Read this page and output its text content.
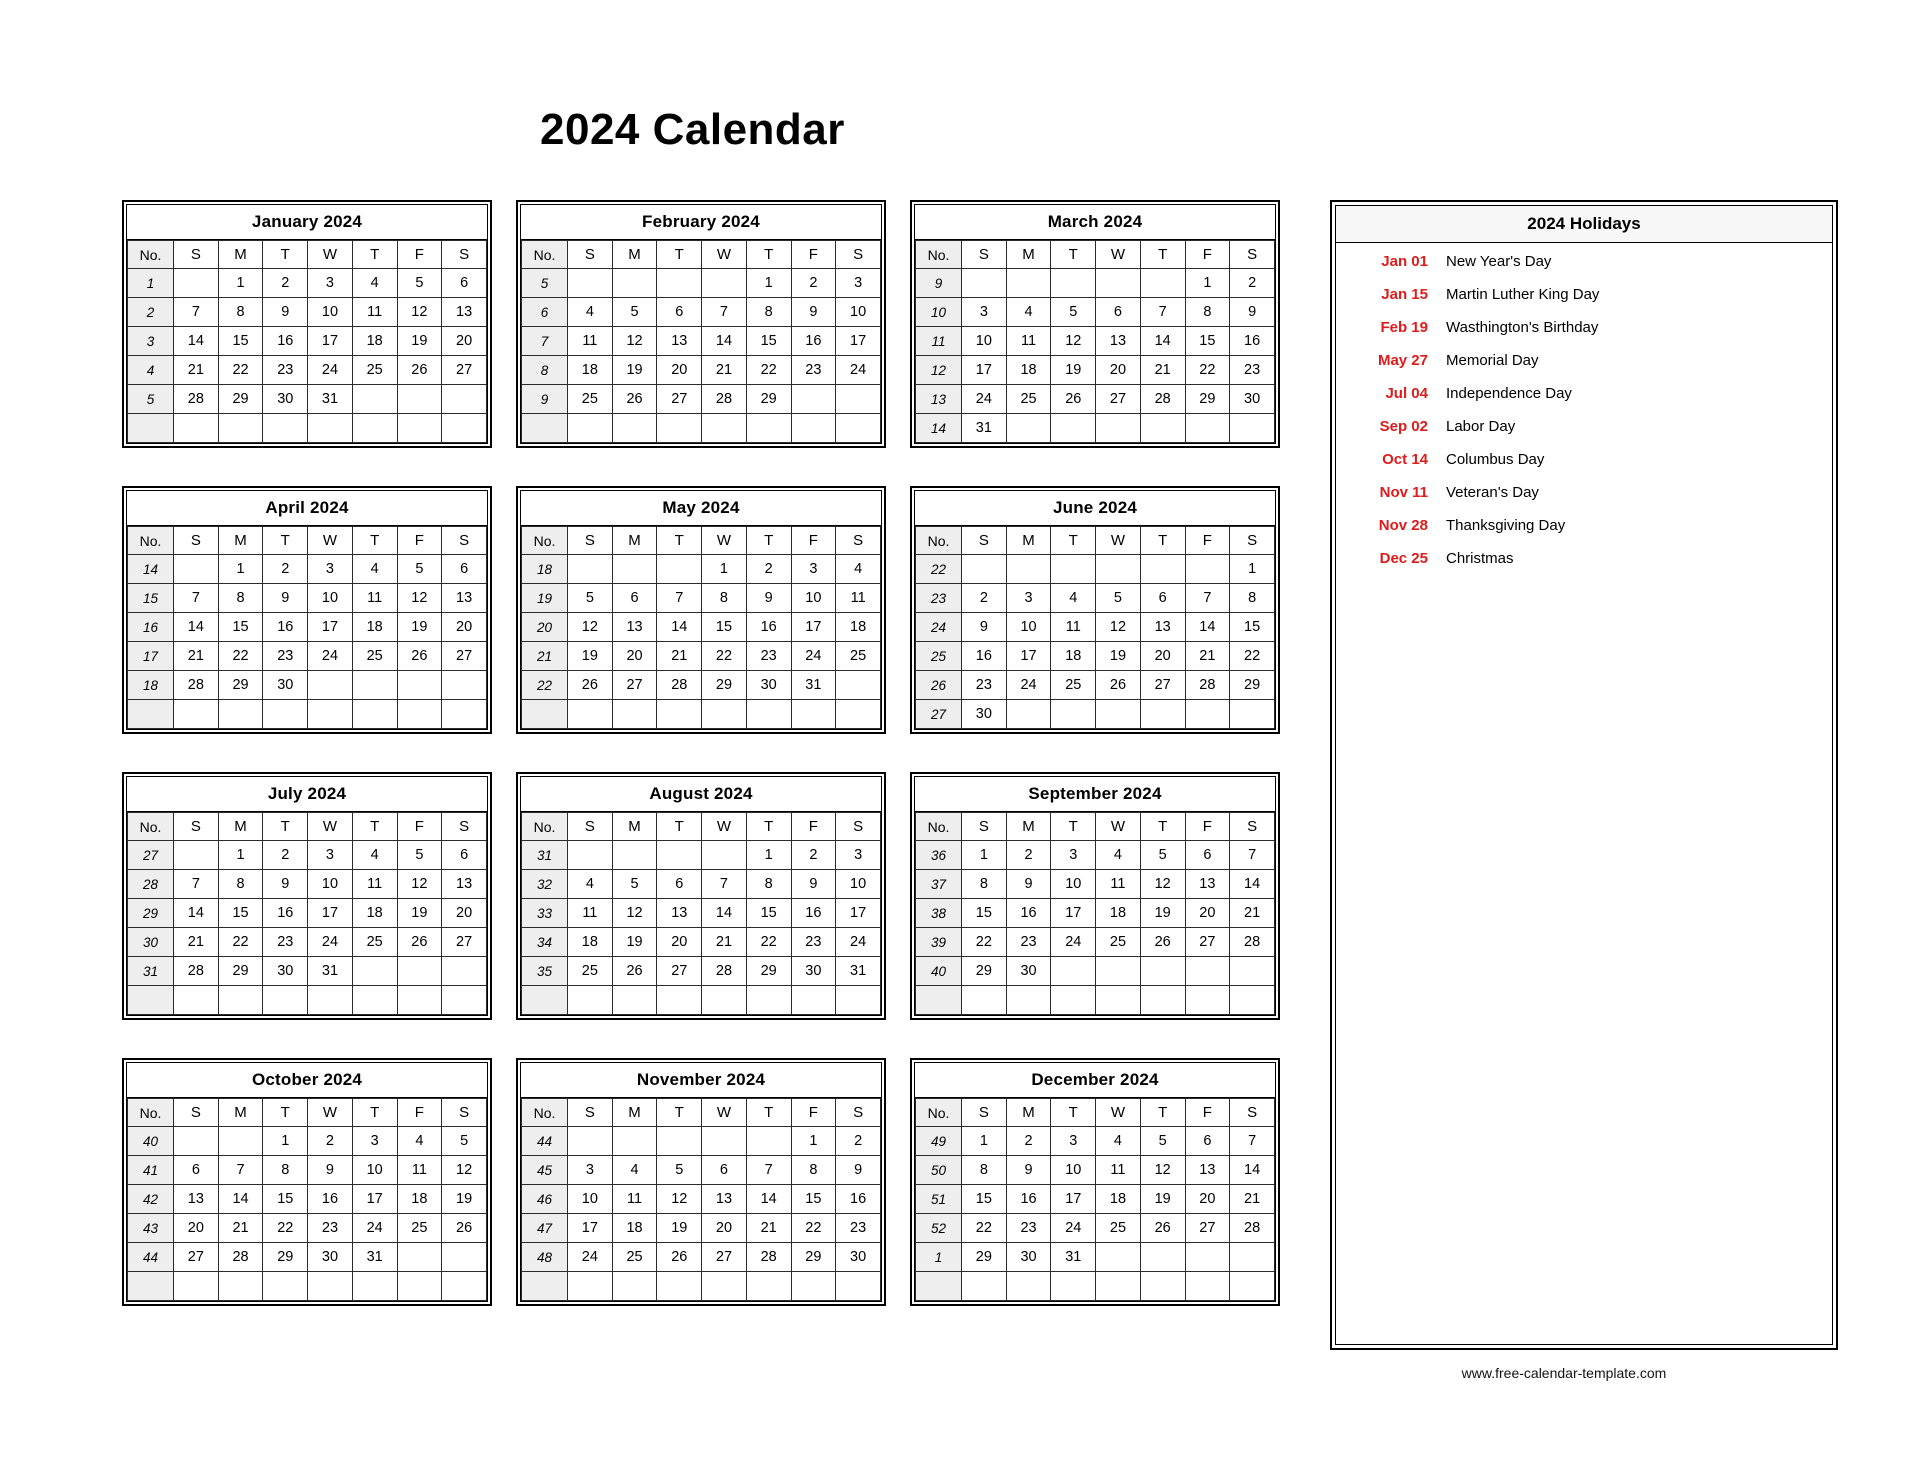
2024 Calendar
January 2024
No.	S	M	T	W	T	F	S
1		1	2	3	4	5	6
2	7	8	9	10	11	12	13
3	14	15	16	17	18	19	20
4	21	22	23	24	25	26	27
5	28	29	30	31			

February 2024
No.	S	M	T	W	T	F	S
5					1	2	3
6	4	5	6	7	8	9	10
7	11	12	13	14	15	16	17
8	18	19	20	21	22	23	24
9	25	26	27	28	29		

March 2024
No.	S	M	T	W	T	F	S
9						1	2
10	3	4	5	6	7	8	9
11	10	11	12	13	14	15	16
12	17	18	19	20	21	22	23
13	24	25	26	27	28	29	30
14	31						
April 2024
No.	S	M	T	W	T	F	S
14		1	2	3	4	5	6
15	7	8	9	10	11	12	13
16	14	15	16	17	18	19	20
17	21	22	23	24	25	26	27
18	28	29	30				

May 2024
No.	S	M	T	W	T	F	S
18				1	2	3	4
19	5	6	7	8	9	10	11
20	12	13	14	15	16	17	18
21	19	20	21	22	23	24	25
22	26	27	28	29	30	31	

June 2024
No.	S	M	T	W	T	F	S
22							1
23	2	3	4	5	6	7	8
24	9	10	11	12	13	14	15
25	16	17	18	19	20	21	22
26	23	24	25	26	27	28	29
27	30						
July 2024
No.	S	M	T	W	T	F	S
27		1	2	3	4	5	6
28	7	8	9	10	11	12	13
29	14	15	16	17	18	19	20
30	21	22	23	24	25	26	27
31	28	29	30	31			

August 2024
No.	S	M	T	W	T	F	S
31					1	2	3
32	4	5	6	7	8	9	10
33	11	12	13	14	15	16	17
34	18	19	20	21	22	23	24
35	25	26	27	28	29	30	31

September 2024
No.	S	M	T	W	T	F	S
36	1	2	3	4	5	6	7
37	8	9	10	11	12	13	14
38	15	16	17	18	19	20	21
39	22	23	24	25	26	27	28
40	29	30					

October 2024
No.	S	M	T	W	T	F	S
40			1	2	3	4	5
41	6	7	8	9	10	11	12
42	13	14	15	16	17	18	19
43	20	21	22	23	24	25	26
44	27	28	29	30	31		

November 2024
No.	S	M	T	W	T	F	S
44						1	2
45	3	4	5	6	7	8	9
46	10	11	12	13	14	15	16
47	17	18	19	20	21	22	23
48	24	25	26	27	28	29	30

December 2024
No.	S	M	T	W	T	F	S
49	1	2	3	4	5	6	7
50	8	9	10	11	12	13	14
51	15	16	17	18	19	20	21
52	22	23	24	25	26	27	28
1	29	30	31				

2024 Holidays
Jan 01	New Year's Day
Jan 15	Martin Luther King Day
Feb 19	Wasthington's Birthday
May 27	Memorial Day
Jul 04	Independence Day
Sep 02	Labor Day
Oct 14	Columbus Day
Nov 11	Veteran's Day
Nov 28	Thanksgiving Day
Dec 25	Christmas
www.free-calendar-template.com
